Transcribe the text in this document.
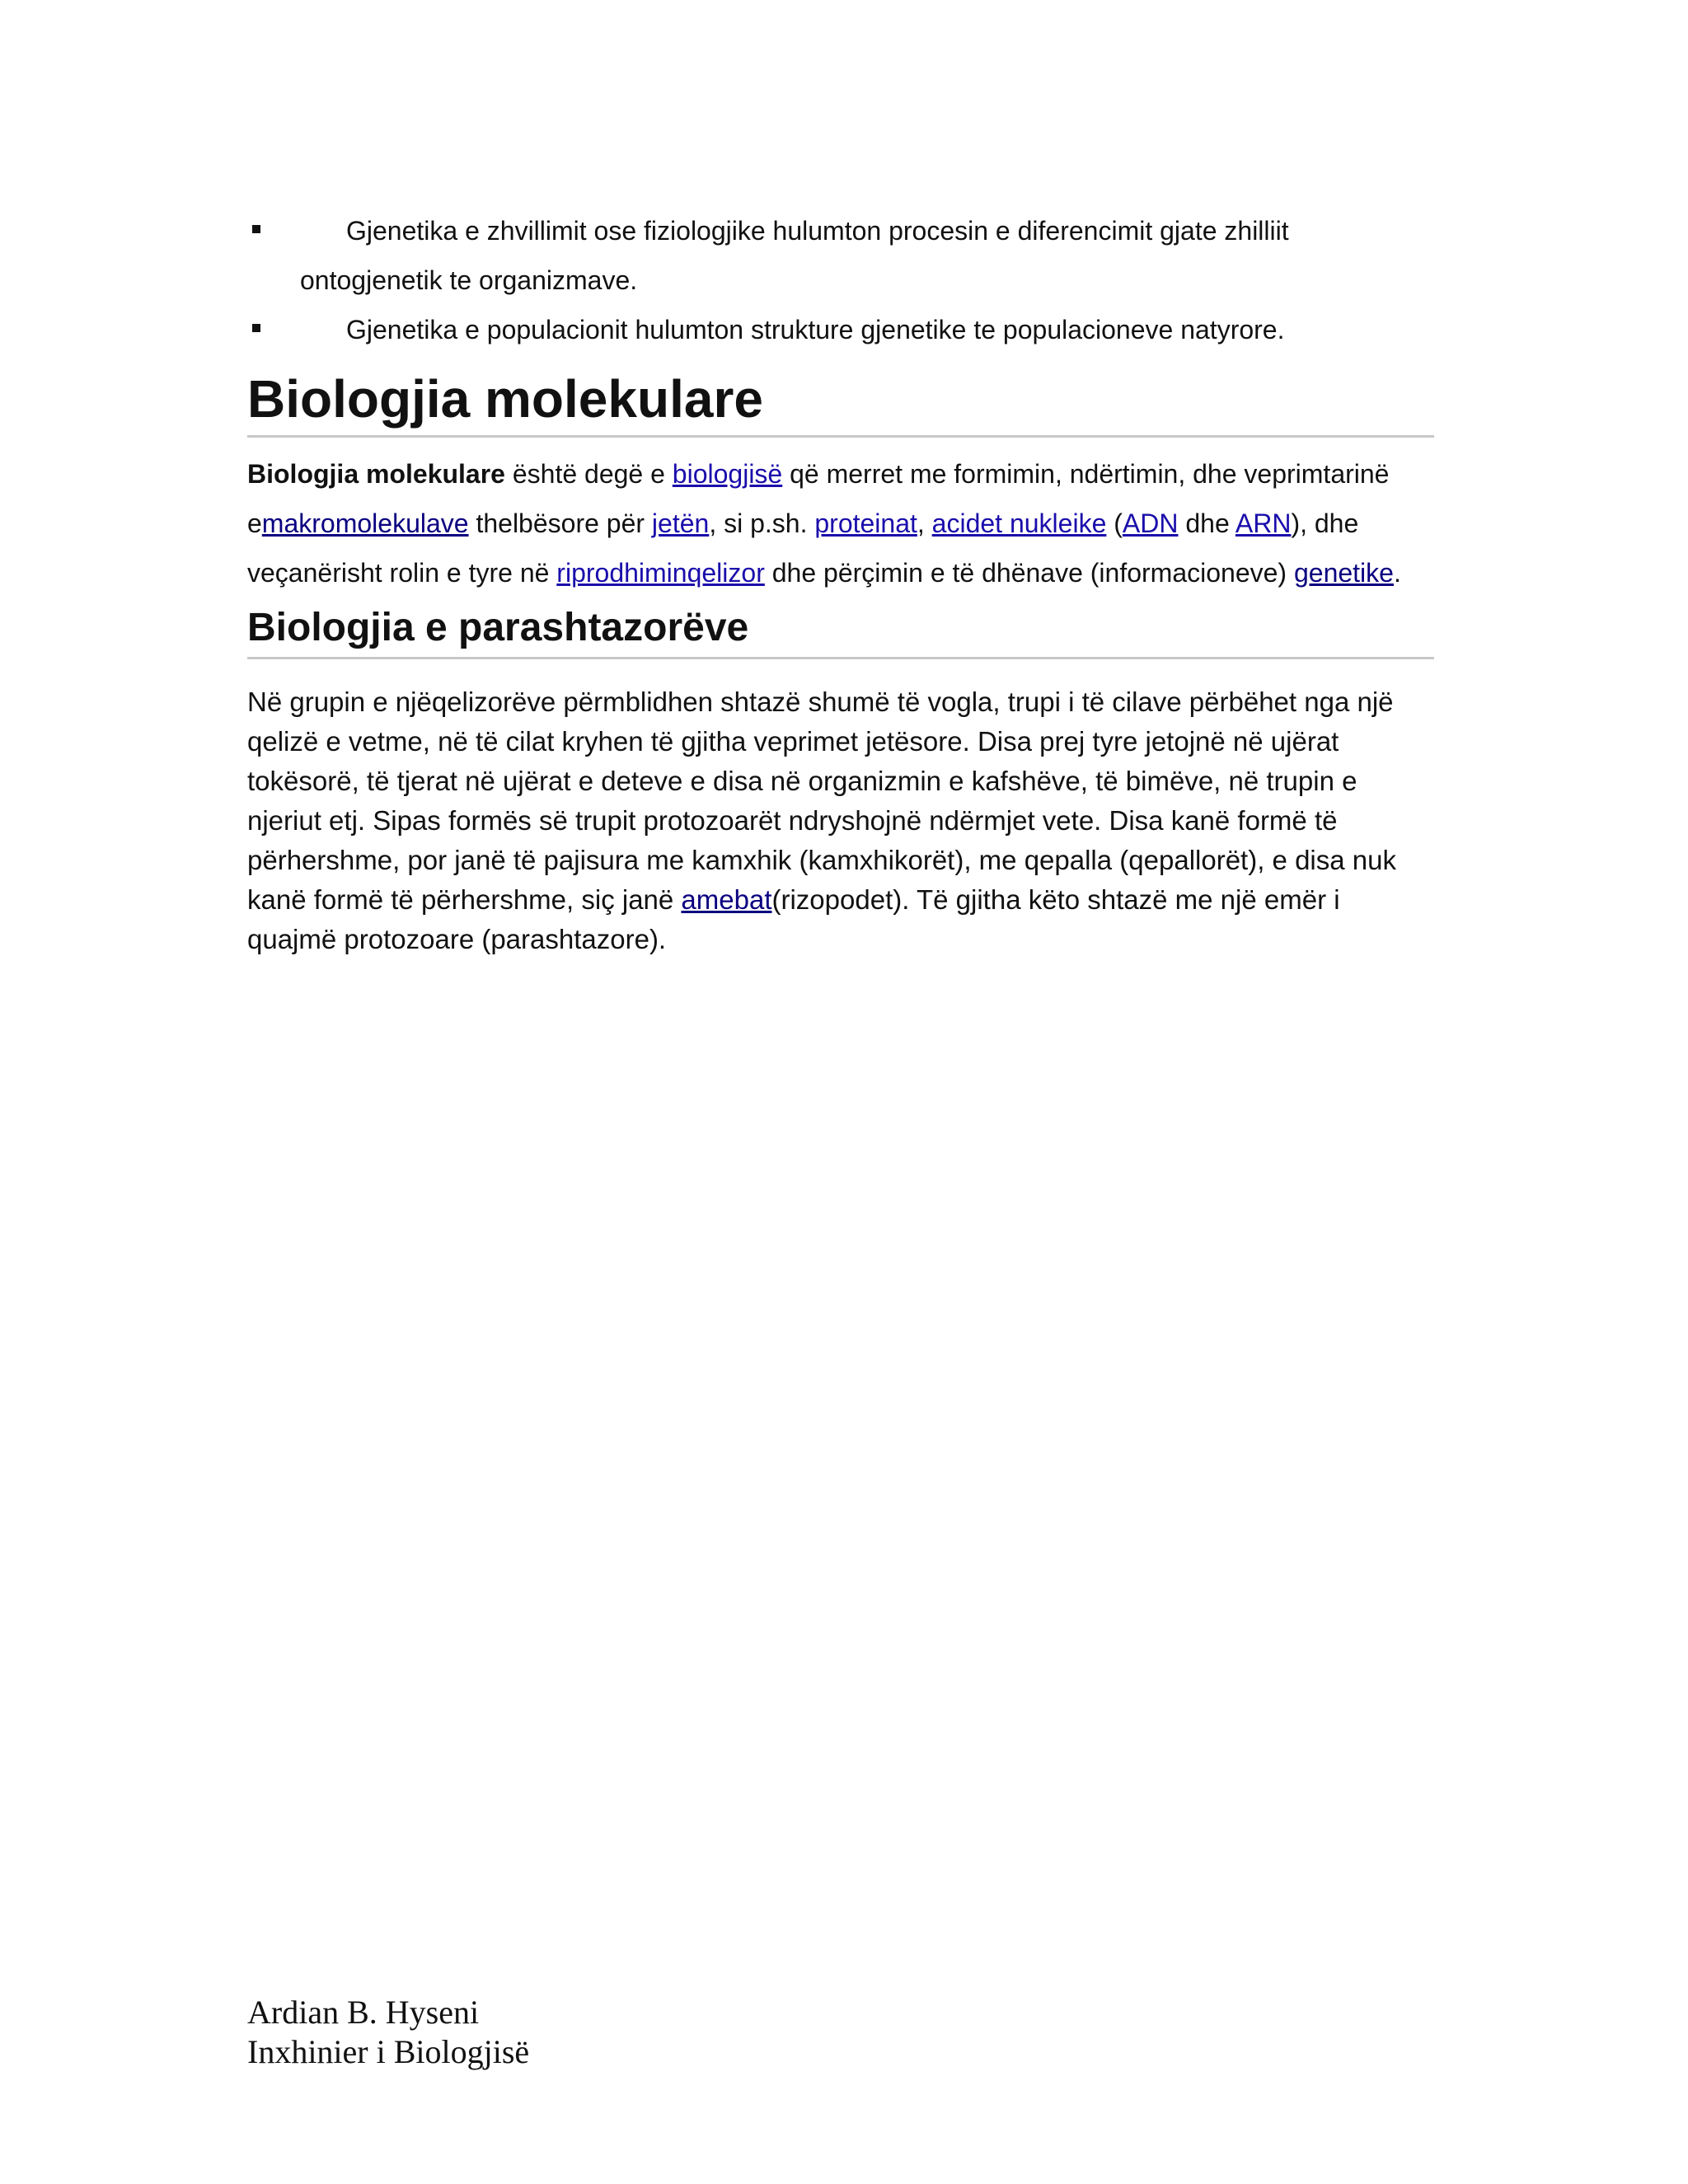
Gjenetika e zhvillimit ose fiziologjike hulumton procesin e diferencimit gjate zhilliit ontogjenetik te organizmave.
Gjenetika e populacionit hulumton strukture gjenetike te populacioneve natyrore.
Biologjia molekulare

Biologjia molekulare është degë e biologjisë që merret me formimin, ndërtimin, dhe veprimtarinë emakromolekulave thelbësore për jetën, si p.sh. proteinat, acidet nukleike (ADN dhe ARN), dhe veçanërisht rolin e tyre në riprodhiminqelizor dhe përçimin e të dhënave (informacioneve) genetike.

Biologjia e parashtazorëve

Në grupin e njëqelizorëve përmblidhen shtazë shumë të vogla, trupi i të cilave përbëhet nga një qelizë e vetme, në të cilat kryhen të gjitha veprimet jetësore. Disa prej tyre jetojnë në ujërat tokësorë, të tjerat në ujërat e deteve e disa në organizmin e kafshëve, të bimëve, në trupin e njeriut etj. Sipas formës së trupit protozoarët ndryshojnë ndërmjet vete. Disa kanë formë të përhershme, por janë të pajisura me kamxhik (kamxhikorët), me qepalla (qepallorët), e disa nuk kanë formë të përhershme, siç janë amebat(rizopodet). Të gjitha këto shtazë me një emër i quajmë protozoare (parashtazore).

Ardian B. Hyseni
Inxhinier i Biologjisë
